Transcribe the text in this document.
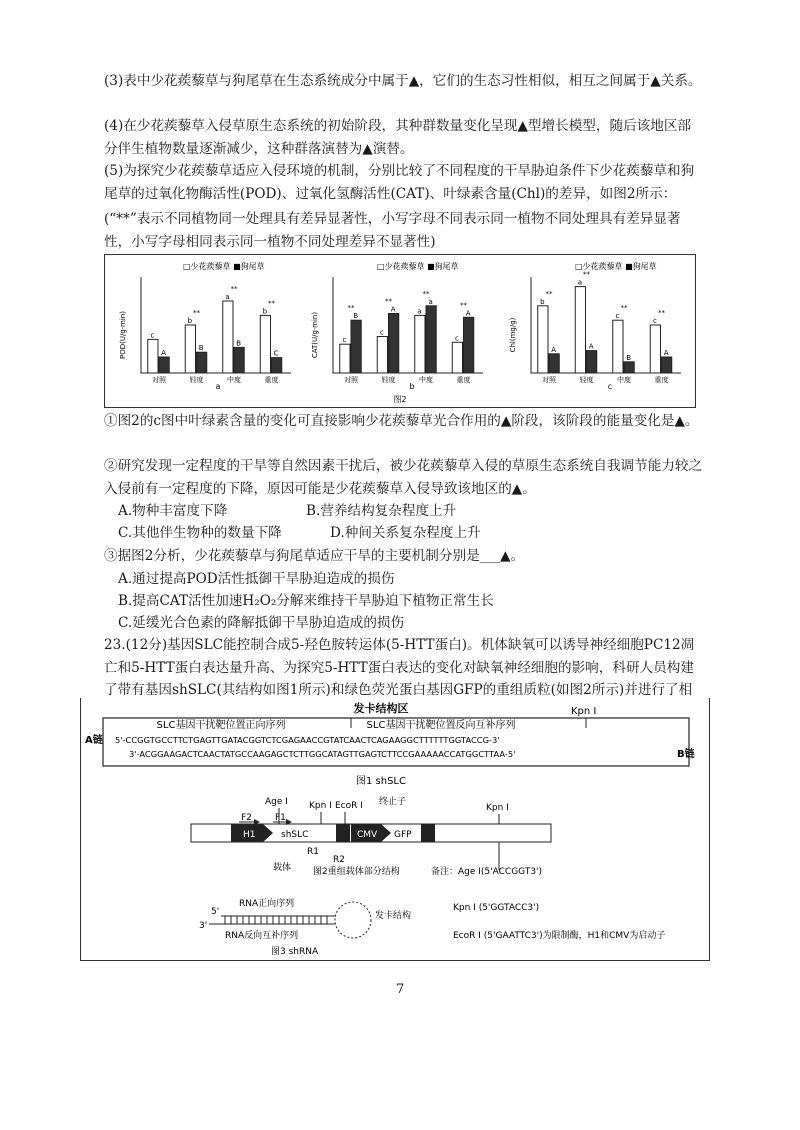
(3)表中少花蒺藜草与狗尾草在生态系统成分中属于▲，它们的生态习性相似，相互之间属于▲关系。
(4)在少花蒺藜草入侵草原生态系统的初始阶段，其种群数量变化呈现▲型增长模型，随后该地区部分伴生植物数量逐渐减少，这种群落演替为▲演替。
(5)为探究少花蒺藜草适应入侵环境的机制，分别比较了不同程度的干旱胁迫条件下少花蒺藜草和狗尾草的过氧化物酶活性(POD)、过氧化氢酶活性(CAT)、叶绿素含量(Chl)的差异，如图2所示：
(“**”表示不同植物同一处理具有差异显著性，小写字母不同表示同一植物不同处理具有差异显著性，小写字母相同表示同一植物不同处理差异不显著性)
图2
□少花蒺藜草 ■狗尾草	□少花蒺藜草 ■狗尾草	□少花蒺藜草 ■狗尾草
POD(U/g·min)	CAT(U/g·min)	Chl(mg/g)
a	b	c
c
A
对照
b
B
**
轻度
a
B
**
中度
b
C
**
重度
c
B
**
对照
c
A
**
轻度
a
a
**
中度
c
A
**
重度
b
A
**
对照
a
A
**
轻度
c
B
**
中度
c
A
**
重度
①图2的c图中叶绿素含量的变化可直接影响少花蒺藜草光合作用的▲阶段，该阶段的能量变化是▲。
②研究发现一定程度的干旱等自然因素干扰后，被少花蒺藜草入侵的草原生态系统自我调节能力较之入侵前有一定程度的下降，原因可能是少花蒺藜草入侵导致该地区的▲。
A.物种丰富度下降	B.营养结构复杂程度上升
C.其他伴生物种的数量下降	D.种间关系复杂程度上升
③据图2分析，少花蒺藜草与狗尾草适应干旱的主要机制分别是___▲。
A.通过提高POD活性抵御干旱胁迫造成的损伤
B.提高CAT活性加速H₂O₂分解来维持干旱胁迫下植物正常生长
C.延缓光合色素的降解抵御干旱胁迫造成的损伤
23.(12分)基因SLC能控制合成5-羟色胺转运体(5-HTT蛋白)。机体缺氧可以诱导神经细胞PC12凋亡和5-HTT蛋白表达量升高、为探究5-HTT蛋白表达的变化对缺氧神经细胞的影响，科研人员构建了带有基因shSLC(其结构如图1所示)和绿色荧光蛋白基因GFP的重组质粒(如图2所示)并进行了相
发卡结构区
SLC基因干扰靶位置正向序列	SLC基因干扰靶位置反向互补序列
Kpn Ⅰ
A链 5'-CCGGTGCCTTCTGAGTTGATACGGTCTCGAGAACCGTATCAACTCAGAAGGCTTTTTTGGTACCG-3'
3'-ACGGAAGACTCAACTATGCCAAGAGCTCTTGGCATAGTTGAGTCTTCCGAAAAACCATGGCTTAA-5'	B链
图1 shSLC
Age Ⅰ Kpn Ⅰ EcoR Ⅰ 终止子
Kpn Ⅰ
F2	F1
H1	shSLC	CMV GFP
R1
R2
载体 图2重组载体部分结构	备注：Age Ⅰ(5'ACCGGT3')
Kpn Ⅰ (5'GGTACC3')
EcoR Ⅰ (5'GAATTC3')为限制酶，H1和CMV为启动子
RNA正向序列
5'
3'
发卡结构
RNA反向互补序列
图3 shRNA
7
